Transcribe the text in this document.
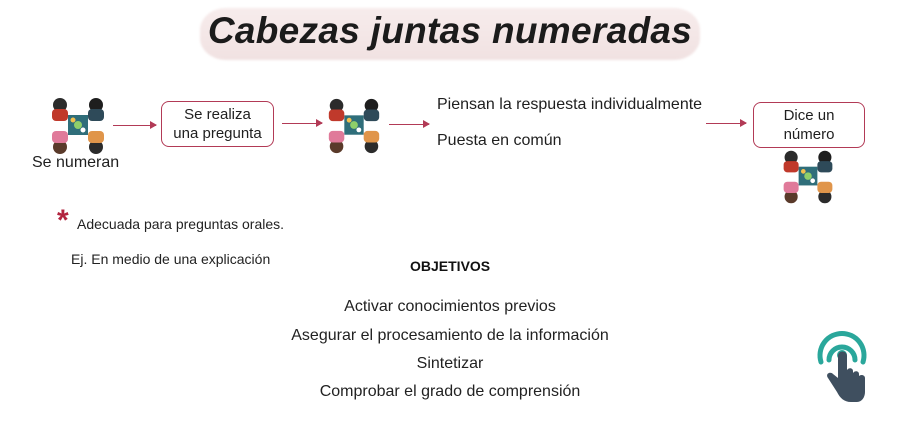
Cabezas juntas numeradas
Se numeran
Se realiza
una pregunta
Piensan la respuesta individualmente
Puesta en común
Dice un
número
* Adecuada para preguntas orales.
Ej. En medio de una explicación	OBJETIVOS
Activar conocimientos previos
Asegurar el procesamiento de la información
Sintetizar
Comprobar el grado de comprensión
